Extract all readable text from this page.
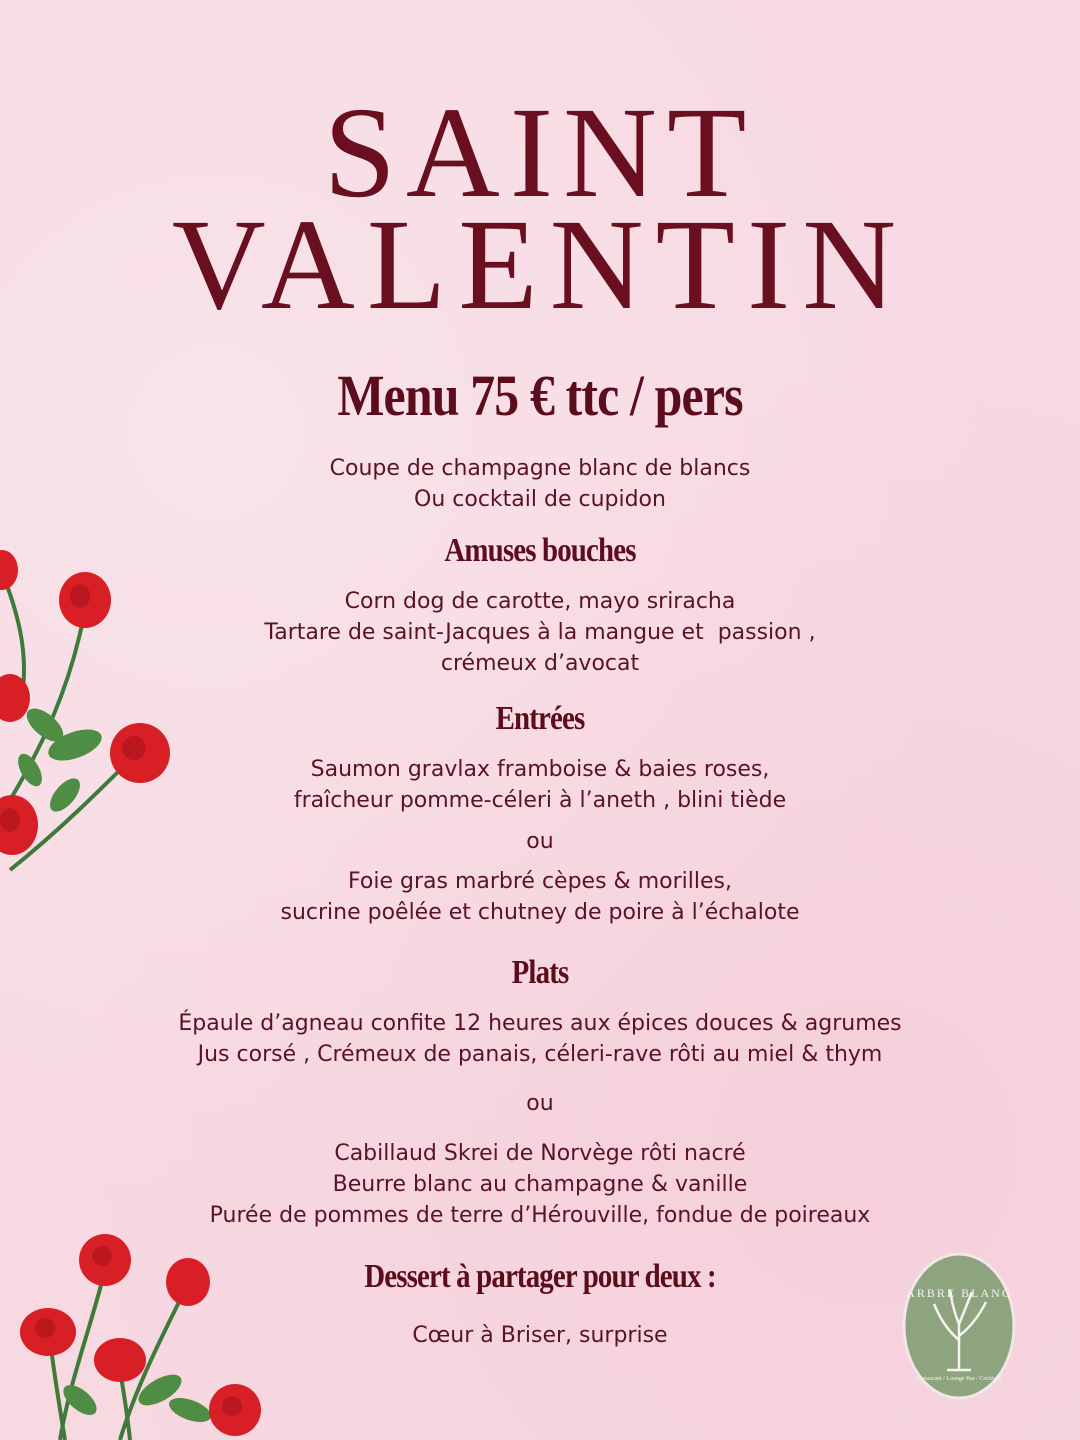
SAINT
VALENTIN
Menu 75 € ttc / pers

Coupe de champagne blanc de blancs

Ou cocktail de cupidon

Amuses bouches

Corn dog de carotte, mayo sriracha

Tartare de saint-Jacques à la mangue et  passion ,

crémeux d’avocat

Entrées

Saumon gravlax framboise & baies roses,

fraîcheur pomme-céleri à l’aneth , blini tiède

ou

Foie gras marbré cèpes & morilles,

sucrine poêlée et chutney de poire à l’échalote

Plats

Épaule d’agneau confite 12 heures aux épices douces & agrumes

Jus corsé , Crémeux de panais, céleri-rave rôti au miel & thym

ou

Cabillaud Skrei de Norvège rôti nacré

Beurre blanc au champagne & vanille

Purée de pommes de terre d’Hérouville, fondue de poireaux

Dessert à partager pour deux :

Cœur à Briser, surprise

ARBRE BLANC
Restaurant / Lounge Bar / Cocktails
